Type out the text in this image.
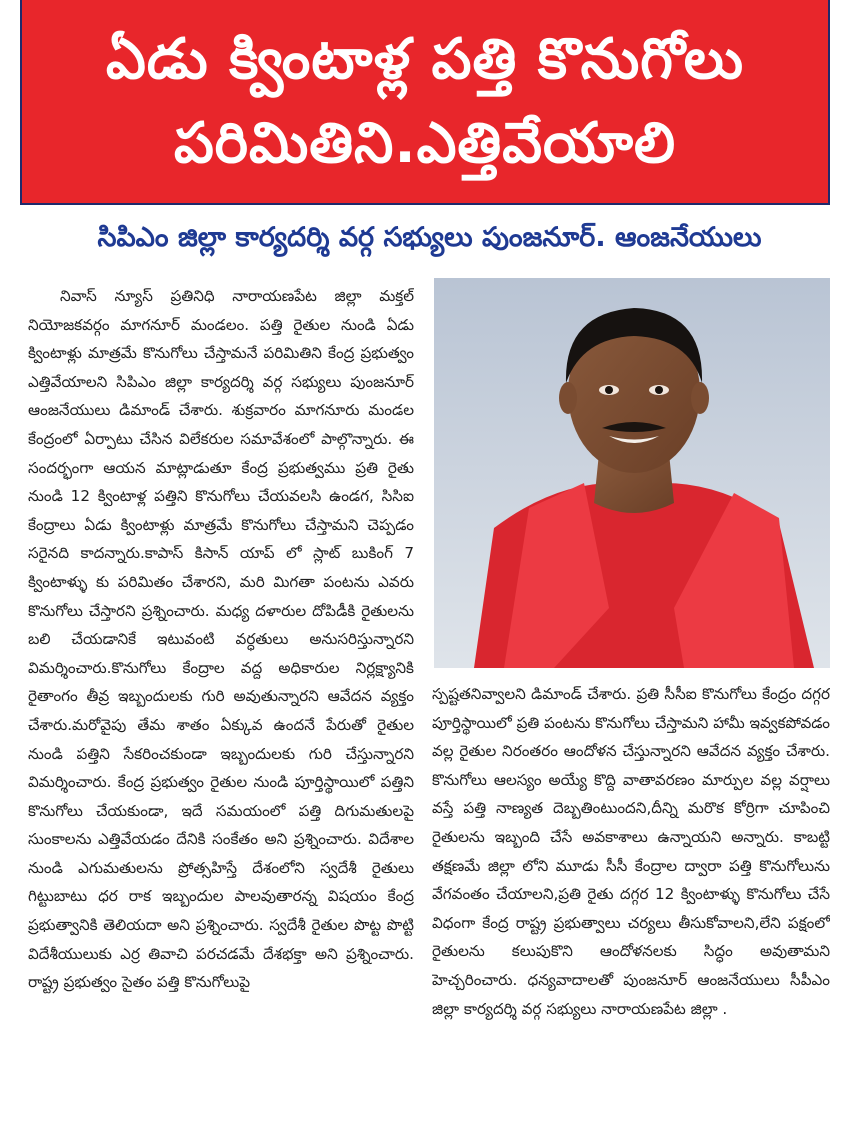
ఏడు క్వింటాళ్ల పత్తి కొనుగోలు
పరిమితిని.ఎత్తివేయాలి
సిపిఎం జిల్లా కార్యదర్శి వర్గ సభ్యులు పుంజనూర్. ఆంజనేయులు
నివాస్ న్యూస్ ప్రతినిధి నారాయణపేట జిల్లా మక్తల్ నియోజకవర్గం మాగనూర్ మండలం. పత్తి రైతుల నుండి ఏడు క్వింటాళ్లు మాత్రమే కొనుగోలు చేస్తామనే పరిమితిని కేంద్ర ప్రభుత్వం ఎత్తివేయాలని సిపిఎం జిల్లా కార్యదర్శి వర్గ సభ్యులు పుంజనూర్ ఆంజనేయులు డిమాండ్ చేశారు. శుక్రవారం మాగనూరు మండల కేంద్రంలో ఏర్పాటు చేసిన విలేకరుల సమావేశంలో పాల్గొన్నారు. ఈ సందర్భంగా ఆయన మాట్లాడుతూ కేంద్ర ప్రభుత్వము ప్రతి రైతు నుండి 12 క్వింటాళ్ల పత్తిని కొనుగోలు చేయవలసి ఉండగ, సిసిఐ కేంద్రాలు ఏడు క్వింటాళ్లు మాత్రమే కొనుగోలు చేస్తామని చెప్పడం సరైనది కాదన్నారు.కాపాస్ కిసాన్ యాప్ లో స్లాట్ బుకింగ్ 7 క్వింటాళ్ళు కు పరిమితం చేశారని, మరి మిగతా పంటను ఎవరు కొనుగోలు చేస్తారని ప్రశ్నించారు. మధ్య దళారుల దోపిడీకి రైతులను బలి చేయడానికే ఇటువంటి వర్ధతులు అనుసరిస్తున్నారని విమర్శించారు.కొనుగోలు కేంద్రాల వద్ద అధికారుల నిర్లక్ష్యానికి రైతాంగం తీవ్ర ఇబ్బందులకు గురి అవుతున్నారని ఆవేదన వ్యక్తం చేశారు.మరోవైపు తేమ శాతం ఏక్కువ ఉందనే పేరుతో రైతుల నుండి పత్తిని సేకరించకుండా ఇబ్బందులకు గురి చేస్తున్నారని విమర్శించారు. కేంద్ర ప్రభుత్వం రైతుల నుండి పూర్తిస్థాయిలో పత్తిని కొనుగోలు చేయకుండా, ఇదే సమయంలో పత్తి దిగుమతులపై సుంకాలను ఎత్తివేయడం దేనికి సంకేతం అని ప్రశ్నించారు. విదేశాల నుండి ఎగుమతులను ప్రోత్సహిస్తే దేశంలోని స్వదేశీ రైతులు గిట్టుబాటు ధర రాక ఇబ్బందుల పాలవుతారన్న విషయం కేంద్ర ప్రభుత్వానికి తెలియదా అని ప్రశ్నించారు. స్వదేశీ రైతుల పొట్ట పొట్టి విదేశీయులుకు ఎర్ర తివాచి పరచడమే దేశభక్తా అని ప్రశ్నించారు. రాష్ట్ర ప్రభుత్వం సైతం పత్తి కొనుగోలుపై
స్పష్టతనివ్వాలని డిమాండ్ చేశారు. ప్రతి సీసీఐ కొనుగోలు కేంద్రం దగ్గర పూర్తిస్థాయిలో ప్రతి పంటను కొనుగోలు చేస్తామని హామీ ఇవ్వకపోవడం వల్ల రైతుల నిరంతరం ఆందోళన చేస్తున్నారని ఆవేదన వ్యక్తం చేశారు. కొనుగోలు ఆలస్యం అయ్యే కొద్ది వాతావరణం మార్పుల వల్ల వర్షాలు వస్తే పత్తి నాణ్యత దెబ్బతింటుందని,దీన్ని మరొక కోర్రిగా చూపించి రైతులను ఇబ్బంది చేసే అవకాశాలు ఉన్నాయని అన్నారు. కాబట్టి తక్షణమే జిల్లా లోని మూడు సీసీ కేంద్రాల ద్వారా పత్తి కొనుగోలును వేగవంతం చేయాలని,ప్రతి రైతు దగ్గర 12 క్వింటాళ్ళు కొనుగోలు చేసే విధంగా కేంద్ర రాష్ట్ర ప్రభుత్వాలు చర్యలు తీసుకోవాలని,లేని పక్షంలో రైతులను కలుపుకొని ఆందోళనలకు సిద్ధం అవుతామని హెచ్చరించారు. ధన్యవాదాలతో పుంజనూర్ ఆంజనేయులు సీపీఎం జిల్లా కార్యదర్శి వర్గ సభ్యులు నారాయణపేట జిల్లా .
